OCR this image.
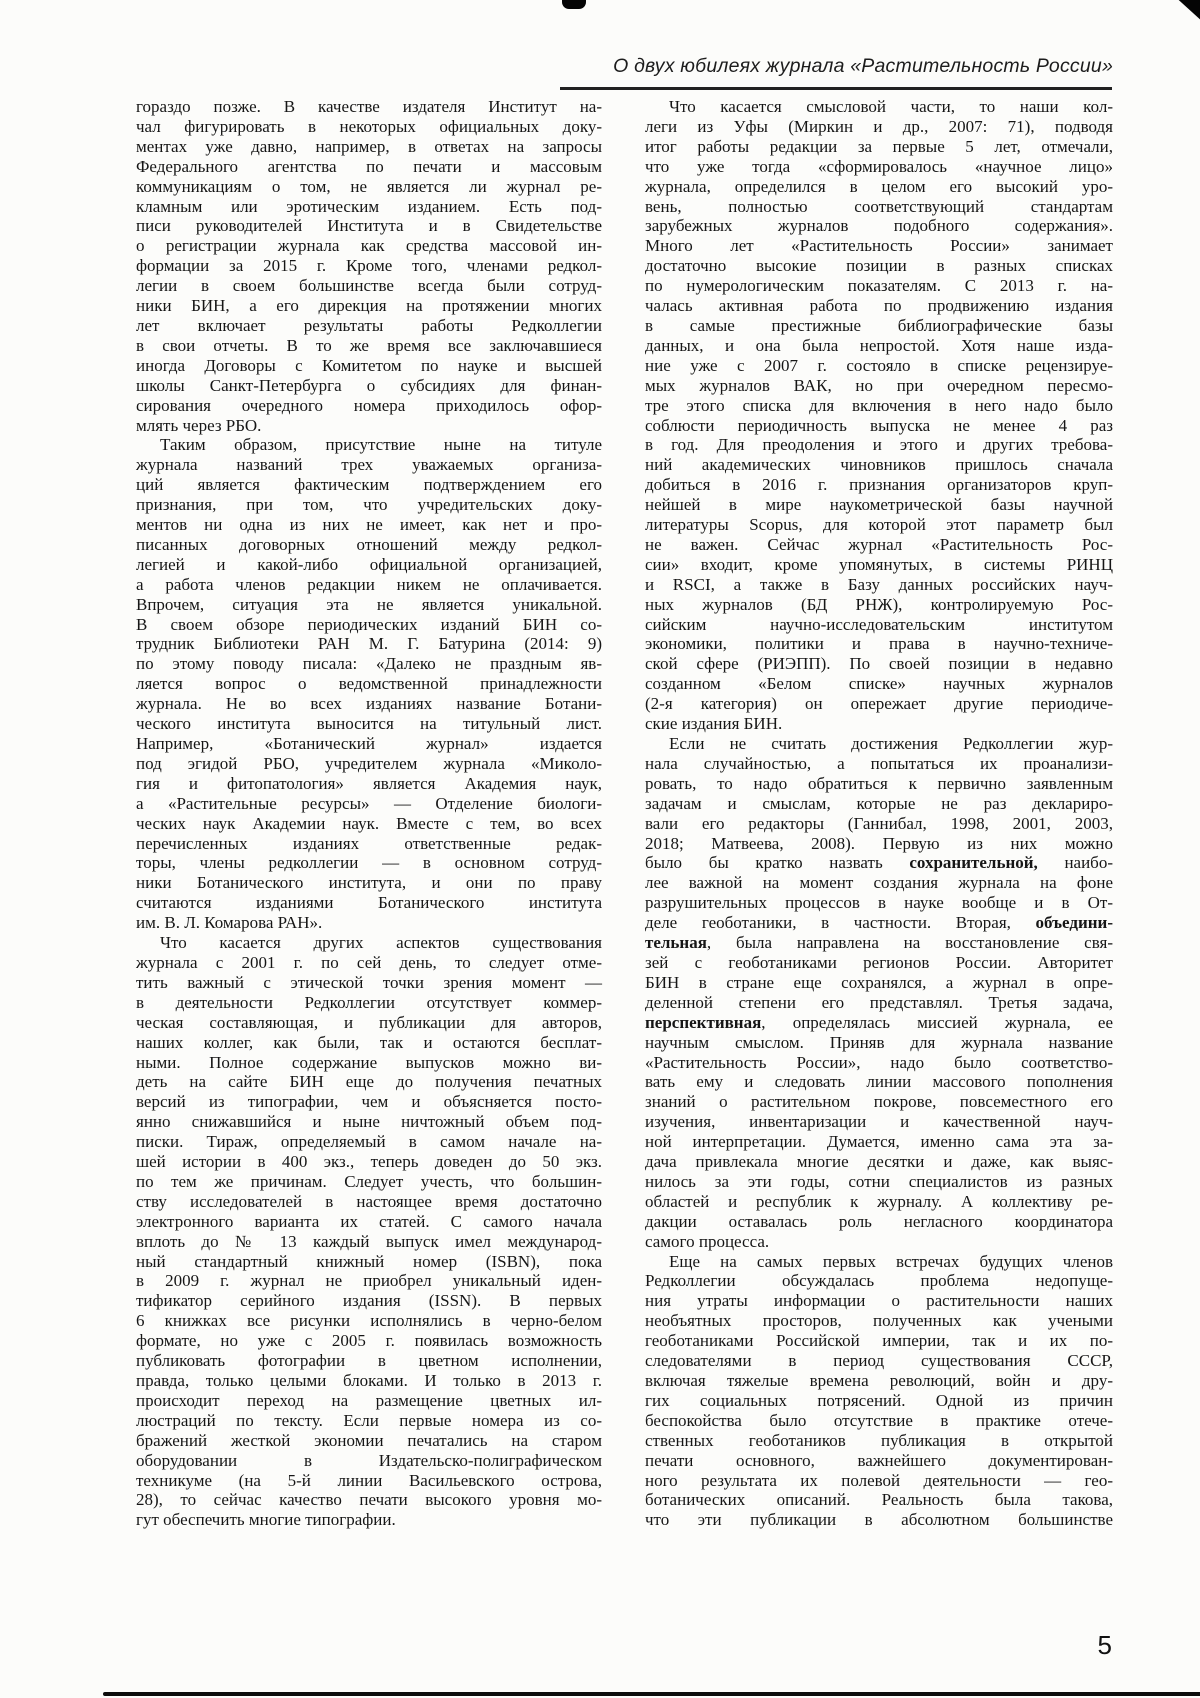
О двух юбилеях журнала «Растительность России»
гораздо позже. В качестве издателя Институт на-
чал фигурировать в некоторых официальных доку-
ментах уже давно, например, в ответах на запросы
Федерального агентства по печати и массовым
коммуникациям о том, не является ли журнал ре-
кламным или эротическим изданием. Есть под-
писи руководителей Института и в Свидетельстве
о регистрации журнала как средства массовой ин-
формации за 2015 г. Кроме того, членами редкол-
легии в своем большинстве всегда были сотруд-
ники БИН, а его дирекция на протяжении многих
лет включает результаты работы Редколлегии
в свои отчеты. В то же время все заключавшиеся
иногда Договоры с Комитетом по науке и высшей
школы Санкт-Петербурга о субсидиях для финан-
сирования очередного номера приходилось офор-
млять через РБО.
Таким образом, присутствие ныне на титуле
журнала названий трех уважаемых организа-
ций является фактическим подтверждением его
признания, при том, что учредительских доку-
ментов ни одна из них не имеет, как нет и про-
писанных договорных отношений между редкол-
легией и какой-либо официальной организацией,
а работа членов редакции никем не оплачивается.
Впрочем, ситуация эта не является уникальной.
В своем обзоре периодических изданий БИН со-
трудник Библиотеки РАН М. Г. Батурина (2014: 9)
по этому поводу писала: «Далеко не праздным яв-
ляется вопрос о ведомственной принадлежности
журнала. Не во всех изданиях название Ботани-
ческого института выносится на титульный лист.
Например, «Ботанический журнал» издается
под эгидой РБО, учредителем журнала «Миколо-
гия и фитопатология» является Академия наук,
а «Растительные ресурсы» — Отделение биологи-
ческих наук Академии наук. Вместе с тем, во всех
перечисленных изданиях ответственные редак-
торы, члены редколлегии — в основном сотруд-
ники Ботанического института, и они по праву
считаются изданиями Ботанического института
им. В. Л. Комарова РАН».
Что касается других аспектов существования
журнала с 2001 г. по сей день, то следует отме-
тить важный с этической точки зрения момент —
в деятельности Редколлегии отсутствует коммер-
ческая составляющая, и публикации для авторов,
наших коллег, как были, так и остаются бесплат-
ными. Полное содержание выпусков можно ви-
деть на сайте БИН еще до получения печатных
версий из типографии, чем и объясняется посто-
янно снижавшийся и ныне ничтожный объем под-
писки. Тираж, определяемый в самом начале на-
шей истории в 400 экз., теперь доведен до 50 экз.
по тем же причинам. Следует учесть, что большин-
ству исследователей в настоящее время достаточно
электронного варианта их статей. С самого начала
вплоть до № 13 каждый выпуск имел международ-
ный стандартный книжный номер (ISBN), пока
в 2009 г. журнал не приобрел уникальный иден-
тификатор серийного издания (ISSN). В первых
6 книжках все рисунки исполнялись в черно-белом
формате, но уже с 2005 г. появилась возможность
публиковать фотографии в цветном исполнении,
правда, только целыми блоками. И только в 2013 г.
происходит переход на размещение цветных ил-
люстраций по тексту. Если первые номера из со-
бражений жесткой экономии печатались на старом
оборудовании в Издательско-полиграфическом
техникуме (на 5-й линии Васильевского острова,
28), то сейчас качество печати высокого уровня мо-
гут обеспечить многие типографии.
Что касается смысловой части, то наши кол-
леги из Уфы (Миркин и др., 2007: 71), подводя
итог работы редакции за первые 5 лет, отмечали,
что уже тогда «сформировалось «научное лицо»
журнала, определился в целом его высокий уро-
вень, полностью соответствующий стандартам
зарубежных журналов подобного содержания».
Много лет «Растительность России» занимает
достаточно высокие позиции в разных списках
по нумерологическим показателям. С 2013 г. на-
чалась активная работа по продвижению издания
в самые престижные библиографические базы
данных, и она была непростой. Хотя наше изда-
ние уже с 2007 г. состояло в списке рецензируе-
мых журналов ВАК, но при очередном пересмо-
тре этого списка для включения в него надо было
соблюсти периодичность выпуска не менее 4 раз
в год. Для преодоления и этого и других требова-
ний академических чиновников пришлось сначала
добиться в 2016 г. признания организаторов круп-
нейшей в мире наукометрической базы научной
литературы Scopus, для которой этот параметр был
не важен. Сейчас журнал «Растительность Рос-
сии» входит, кроме упомянутых, в системы РИНЦ
и RSCI, а также в Базу данных российских науч-
ных журналов (БД РНЖ), контролируемую Рос-
сийским научно-исследовательским институтом
экономики, политики и права в научно-техниче-
ской сфере (РИЭПП). По своей позиции в недавно
созданном «Белом списке» научных журналов
(2-я категория) он опережает другие периодиче-
ские издания БИН.
Если не считать достижения Редколлегии жур-
нала случайностью, а попытаться их проанализи-
ровать, то надо обратиться к первично заявленным
задачам и смыслам, которые не раз деклариро-
вали его редакторы (Ганнибал, 1998, 2001, 2003,
2018; Матвеева, 2008). Первую из них можно
было бы кратко назвать сохранительной, наибо-
лее важной на момент создания журнала на фоне
разрушительных процессов в науке вообще и в От-
деле геоботаники, в частности. Вторая, объедини-
тельная, была направлена на восстановление свя-
зей с геоботаниками регионов России. Авторитет
БИН в стране еще сохранялся, а журнал в опре-
деленной степени его представлял. Третья задача,
перспективная, определялась миссией журнала, ее
научным смыслом. Приняв для журнала название
«Растительность России», надо было соответство-
вать ему и следовать линии массового пополнения
знаний о растительном покрове, повсеместного его
изучения, инвентаризации и качественной науч-
ной интерпретации. Думается, именно сама эта за-
дача привлекала многие десятки и даже, как выяс-
нилось за эти годы, сотни специалистов из разных
областей и республик к журналу. А коллективу ре-
дакции оставалась роль негласного координатора
самого процесса.
Еще на самых первых встречах будущих членов
Редколлегии обсуждалась проблема недопуще-
ния утраты информации о растительности наших
необъятных просторов, полученных как учеными
геоботаниками Российской империи, так и их по-
следователями в период существования СССР,
включая тяжелые времена революций, войн и дру-
гих социальных потрясений. Одной из причин
беспокойства было отсутствие в практике отече-
ственных геоботаников публикация в открытой
печати основного, важнейшего документирован-
ного результата их полевой деятельности — гео-
ботанических описаний. Реальность была такова,
что эти публикации в абсолютном большинстве
5
